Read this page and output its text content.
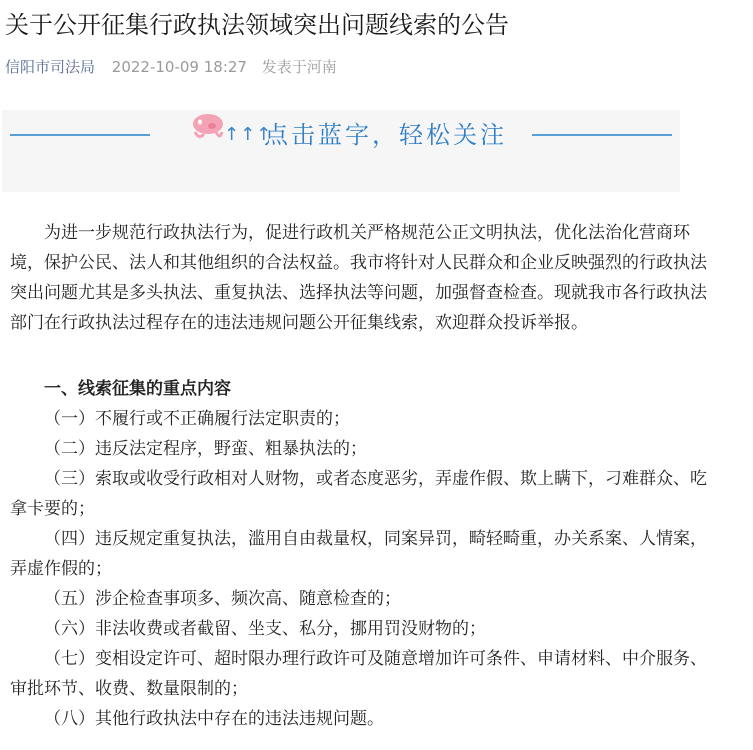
关于公开征集行政执法领域突出问题线索的公告
信阳市司法局 2022-10-09 18:27 发表于河南
↑↑↑
点击蓝字，轻松关注

为进一步规范行政执法行为，促进行政机关严格规范公正文明执法，优化法治化营商环境，保护公民、法人和其他组织的合法权益。我市将针对人民群众和企业反映强烈的行政执法突出问题尤其是多头执法、重复执法、选择执法等问题，加强督查检查。现就我市各行政执法部门在行政执法过程存在的违法违规问题公开征集线索，欢迎群众投诉举报。

一、线索征集的重点内容

（一）不履行或不正确履行法定职责的；

（二）违反法定程序，野蛮、粗暴执法的；

（三）索取或收受行政相对人财物，或者态度恶劣，弄虚作假、欺上瞒下，刁难群众、吃拿卡要的；

（四）违反规定重复执法，滥用自由裁量权，同案异罚，畸轻畸重，办关系案、人情案，弄虚作假的；

（五）涉企检查事项多、频次高、随意检查的；

（六）非法收费或者截留、坐支、私分，挪用罚没财物的；

（七）变相设定许可、超时限办理行政许可及随意增加许可条件、申请材料、中介服务、审批环节、收费、数量限制的；

（八）其他行政执法中存在的违法违规问题。
